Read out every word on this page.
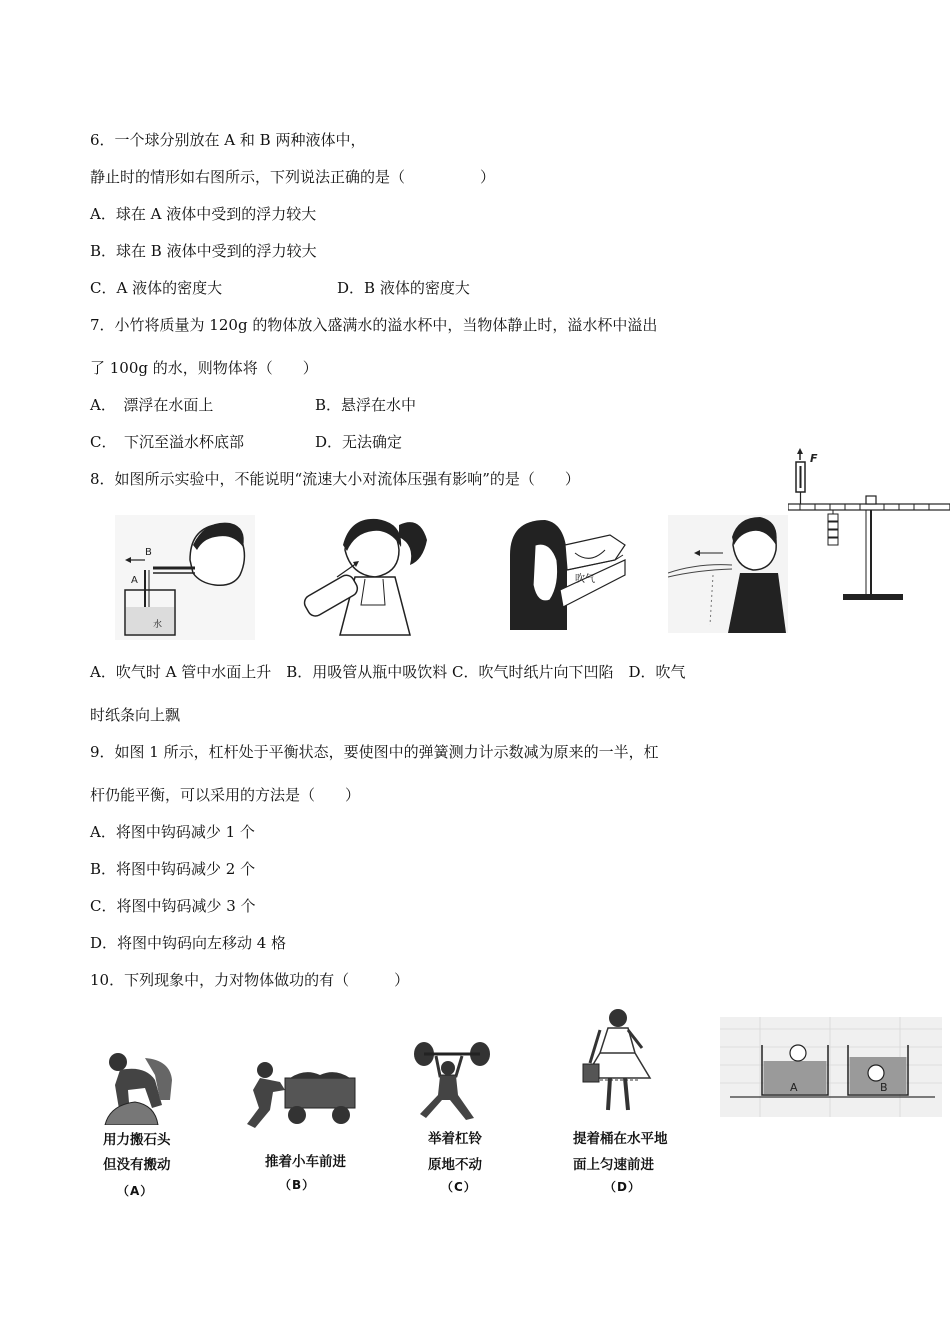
6．一个球分别放在 A 和 B 两种液体中，
静止时的情形如右图所示，下列说法正确的是（　　　　　）
A．球在 A 液体中受到的浮力较大
B．球在 B 液体中受到的浮力较大
C．A 液体的密度大	D．B 液体的密度大
7．小竹将质量为 120g 的物体放入盛满水的溢水杯中，当物体静止时，溢水杯中溢出
了 100g 的水，则物体将（　　）
A．　漂浮在水面上	B．悬浮在水中
C．　下沉至溢水杯底部	D．无法确定
8．如图所示实验中，不能说明“流速大小对流体压强有影响”的是（　　）
B
A
水
吹气
F
A．吹气时 A 管中水面上升　B．用吸管从瓶中吸饮料 C．吹气时纸片向下凹陷　D．吹气
时纸条向上飘
9．如图 1 所示，杠杆处于平衡状态，要使图中的弹簧测力计示数减为原来的一半，杠
杆仍能平衡，可以采用的方法是（　　）
A．将图中钩码减少 1 个
B．将图中钩码减少 2 个
C．将图中钩码减少 3 个
D．将图中钩码向左移动 4 格
10．下列现象中，力对物体做功的有（　　　）
用力搬石头
但没有搬动
（A）
推着小车前进
（B）
举着杠铃
原地不动
（C）
提着桶在水平地
面上匀速前进
（D）
A	B
